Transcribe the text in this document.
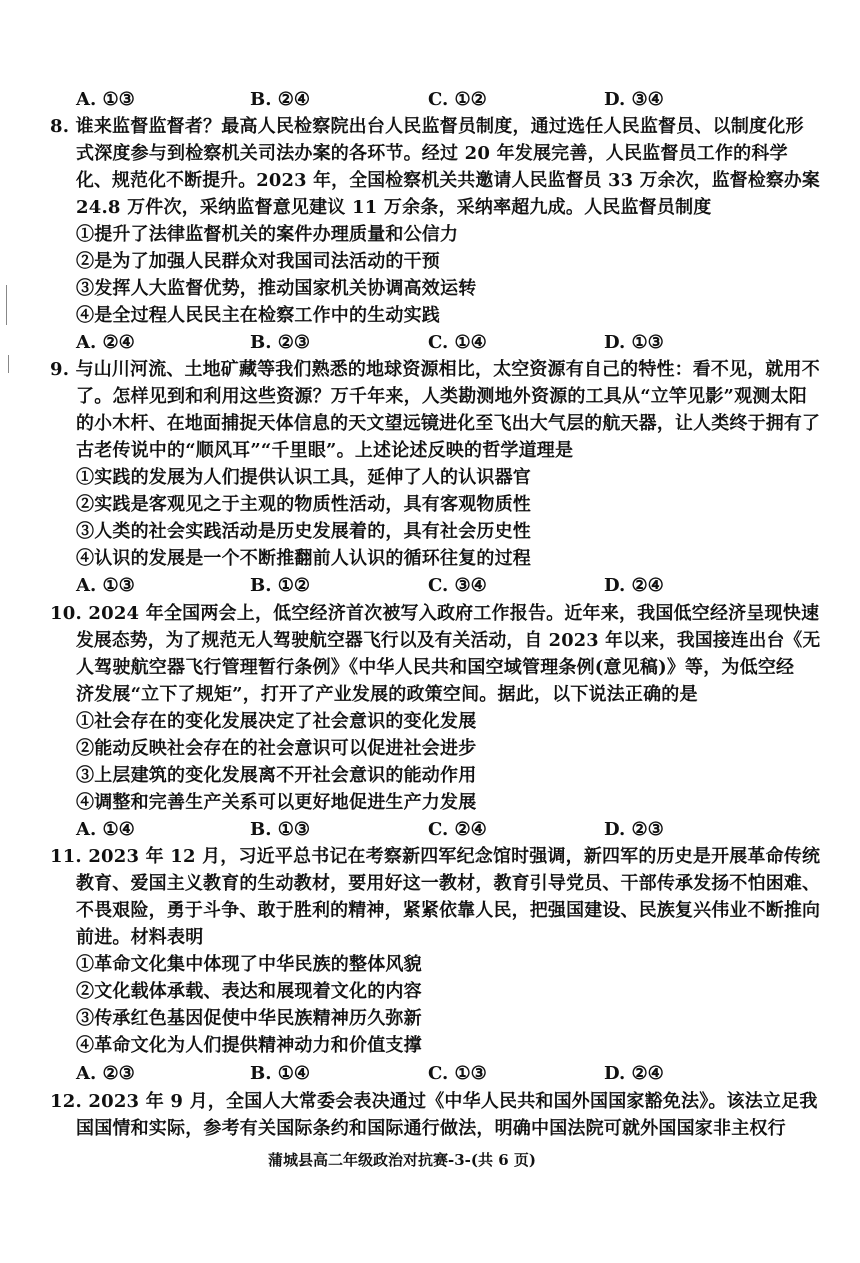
A. ①③	B. ②④	C. ①②	D. ③④
8. 谁来监督监督者？最高人民检察院出台人民监督员制度，通过选任人民监督员、以制度化形
式深度参与到检察机关司法办案的各环节。经过 20 年发展完善，人民监督员工作的科学
化、规范化不断提升。2023 年，全国检察机关共邀请人民监督员 33 万余次，监督检察办案
24.8 万件次，采纳监督意见建议 11 万余条，采纳率超九成。人民监督员制度
①提升了法律监督机关的案件办理质量和公信力
②是为了加强人民群众对我国司法活动的干预
③发挥人大监督优势，推动国家机关协调高效运转
④是全过程人民民主在检察工作中的生动实践
A. ②④	B. ②③	C. ①④	D. ①③
9. 与山川河流、土地矿藏等我们熟悉的地球资源相比，太空资源有自己的特性：看不见，就用不
了。怎样见到和利用这些资源？万千年来，人类勘测地外资源的工具从“立竿见影”观测太阳
的小木杆、在地面捕捉天体信息的天文望远镜进化至飞出大气层的航天器，让人类终于拥有了
古老传说中的“顺风耳”“千里眼”。上述论述反映的哲学道理是
①实践的发展为人们提供认识工具，延伸了人的认识器官
②实践是客观见之于主观的物质性活动，具有客观物质性
③人类的社会实践活动是历史发展着的，具有社会历史性
④认识的发展是一个不断推翻前人认识的循环往复的过程
A. ①③	B. ①②	C. ③④	D. ②④
10. 2024 年全国两会上，低空经济首次被写入政府工作报告。近年来，我国低空经济呈现快速
发展态势，为了规范无人驾驶航空器飞行以及有关活动，自 2023 年以来，我国接连出台《无
人驾驶航空器飞行管理暂行条例》《中华人民共和国空域管理条例(意见稿)》等，为低空经
济发展“立下了规矩”，打开了产业发展的政策空间。据此，以下说法正确的是
①社会存在的变化发展决定了社会意识的变化发展
②能动反映社会存在的社会意识可以促进社会进步
③上层建筑的变化发展离不开社会意识的能动作用
④调整和完善生产关系可以更好地促进生产力发展
A. ①④	B. ①③	C. ②④	D. ②③
11. 2023 年 12 月，习近平总书记在考察新四军纪念馆时强调，新四军的历史是开展革命传统
教育、爱国主义教育的生动教材，要用好这一教材，教育引导党员、干部传承发扬不怕困难、
不畏艰险，勇于斗争、敢于胜利的精神，紧紧依靠人民，把强国建设、民族复兴伟业不断推向
前进。材料表明
①革命文化集中体现了中华民族的整体风貌
②文化载体承载、表达和展现着文化的内容
③传承红色基因促使中华民族精神历久弥新
④革命文化为人们提供精神动力和价值支撑
A. ②③	B. ①④	C. ①③	D. ②④
12. 2023 年 9 月，全国人大常委会表决通过《中华人民共和国外国国家豁免法》。该法立足我
国国情和实际，参考有关国际条约和国际通行做法，明确中国法院可就外国国家非主权行
蒲城县高二年级政治对抗赛-3-(共 6 页)
